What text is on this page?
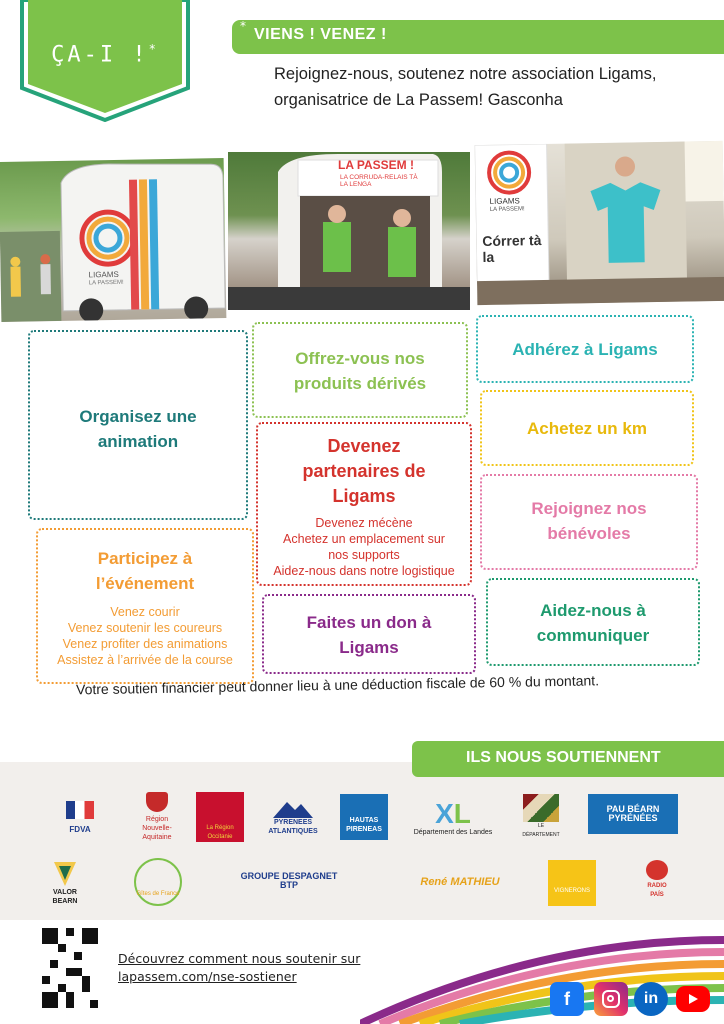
ÇA-I !*
* VIENS ! VENEZ !
Rejoignez-nous, soutenez notre association Ligams,
organisatrice de La Passem! Gasconha
LIGAMS
LA PASSEM!
LA PASSEM !
LA CORRUDA-RELAIS TÀ LA LENGA
LIGAMS
LA PASSEM!
Córrer tà la
Organisez une animation
Offrez-vous nos produits dérivés
Adhérez à Ligams
Achetez un km
Devenez partenaires de Ligams
Devenez mécène
Achetez un emplacement sur nos supports
Aidez-nous dans notre logistique
Rejoignez nos bénévoles
Participez à l’événement
Venez courir
Venez soutenir les coureurs
Venez profiter des animations
Assistez à l’arrivée de la course
Faites un don à Ligams
Aidez-nous à communiquer
Votre soutien financier peut donner lieu à une déduction fiscale de 60 % du montant.
ILS NOUS SOUTIENNENT
FDVA
Région Nouvelle-Aquitaine
La Région Occitanie
PYRENEES ATLANTIQUES
HAUTAS PIRENEAS
XL
Département des Landes
LE DÉPARTEMENT
PAU BÉARN PYRÉNÉES
VALOR BEARN
Gîtes de France
GROUPE DESPAGNET BTP	René MATHIEU
VIGNERONS
RADIO PAÍS
Découvrez comment nous soutenir sur
lapassem.com/nse-sostiener
f	in
